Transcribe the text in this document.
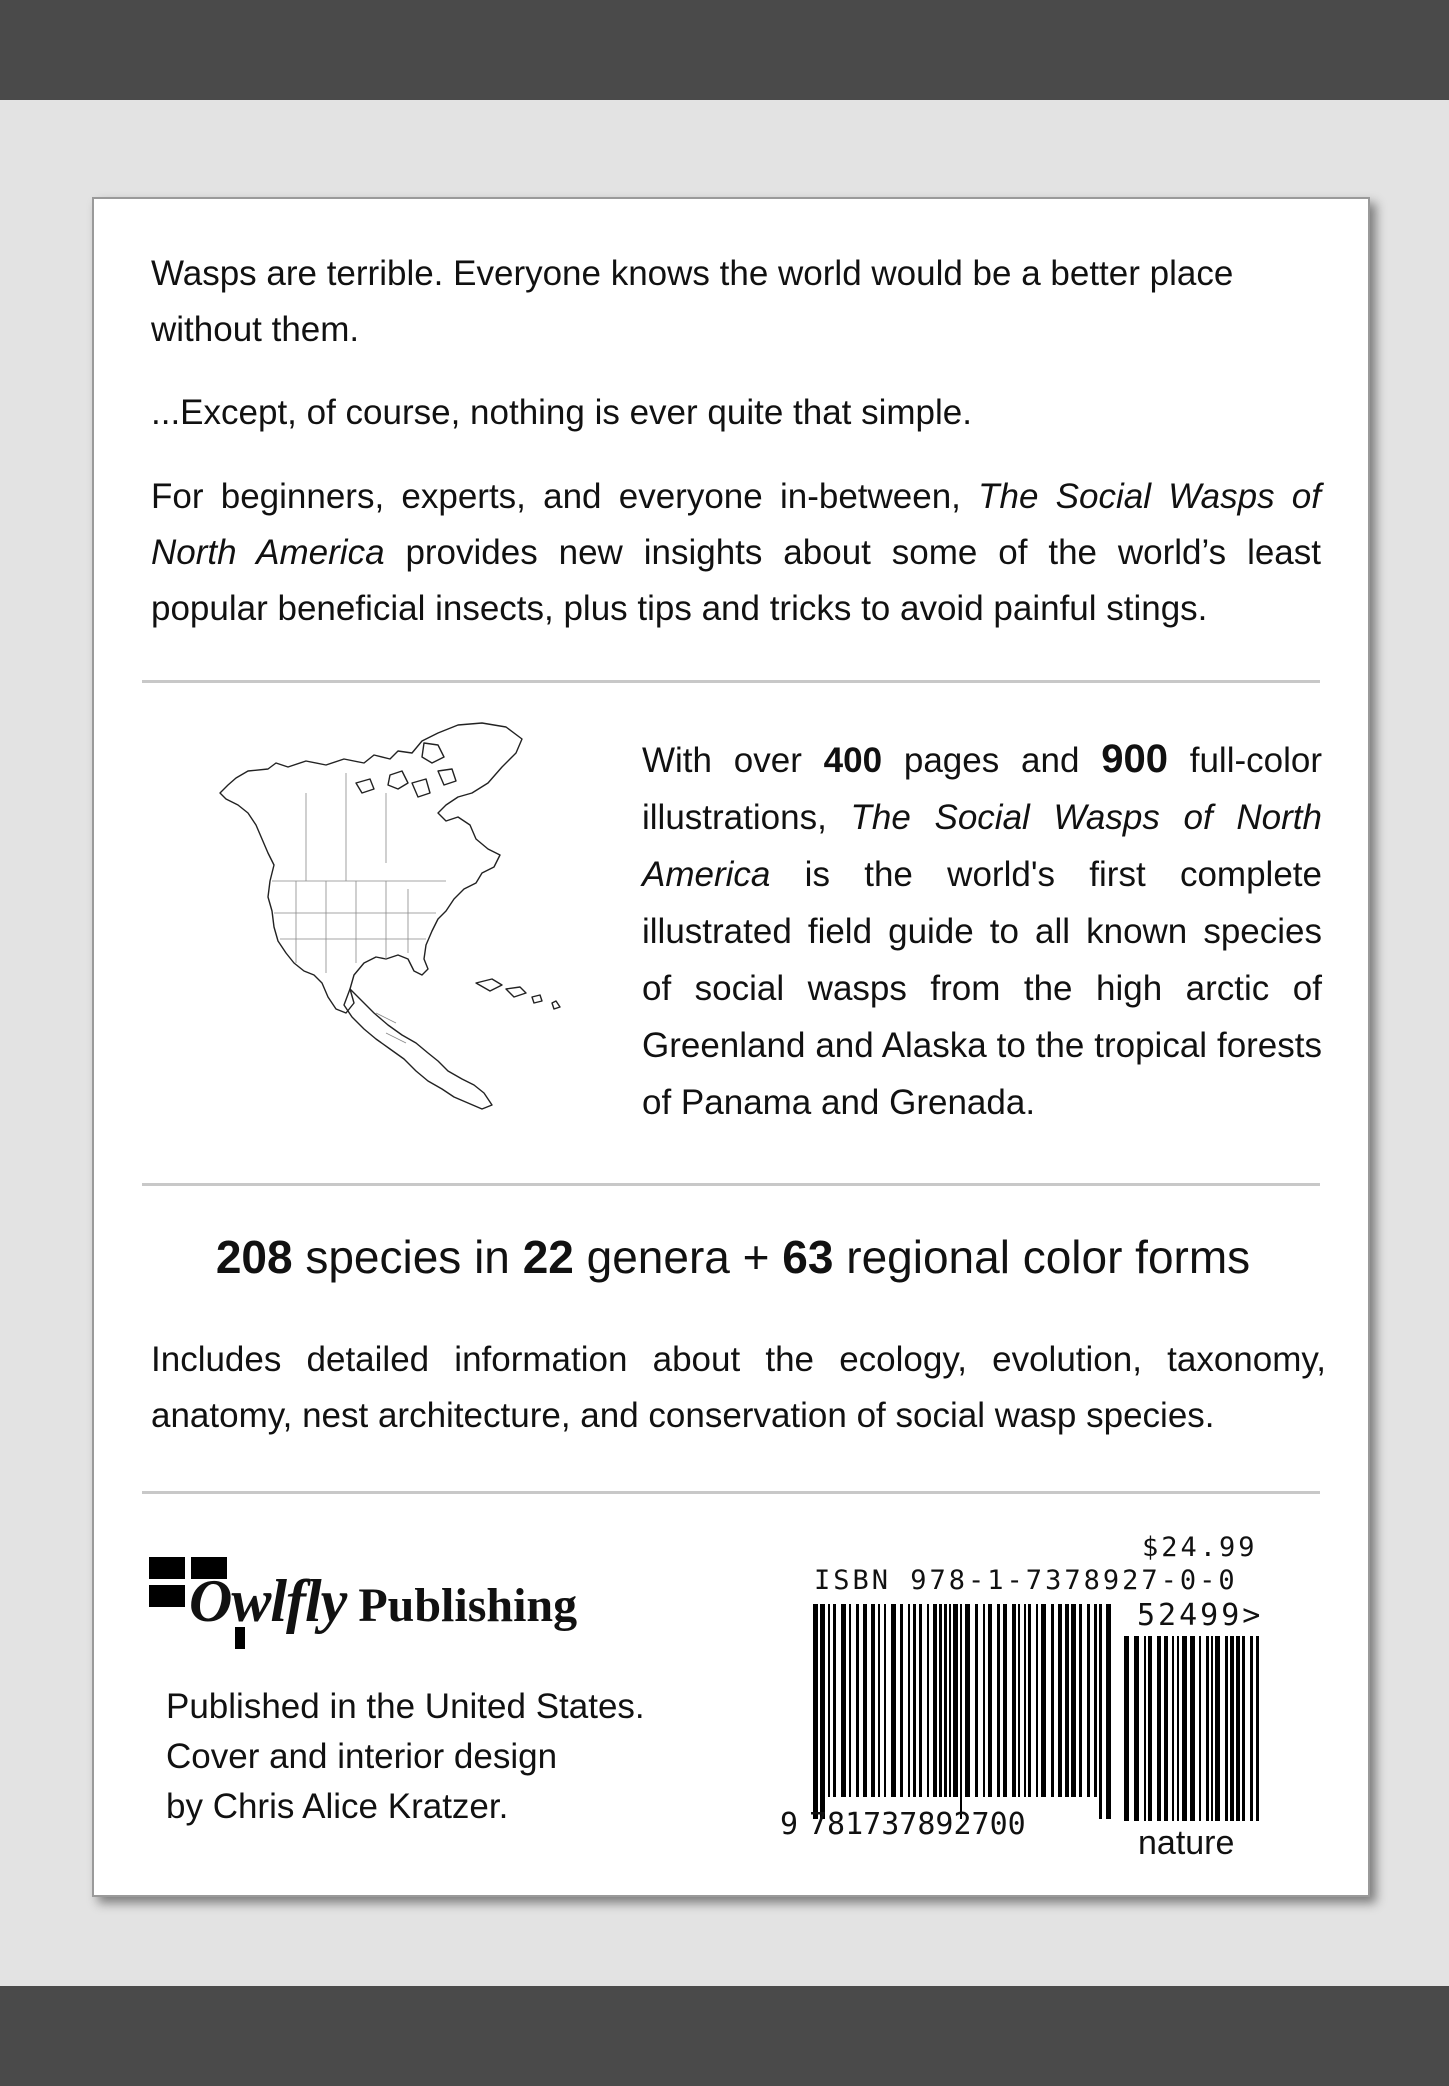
Wasps are terrible. Everyone knows the world would be a better place without them.
...Except, of course, nothing is ever quite that simple.
For beginners, experts, and everyone in-between, The Social Wasps of North America provides new insights about some of the world’s least popular beneficial insects, plus tips and tricks to avoid painful stings.
With over 400 pages and 900 full-color illustrations, The Social Wasps of North America is the world's first complete illustrated field guide to all known species of social wasps from the high arctic of Greenland and Alaska to the tropical forests of Panama and Grenada.
208 species in 22 genera + 63 regional color forms
Includes detailed information about the ecology, evolution, taxonomy, anatomy, nest architecture, and conservation of social wasp species.
Owlfly Publishing
Published in the United States.
Cover and interior design
by Chris Alice Kratzer.
$24.99
ISBN 978-1-7378927-0-0
52499>
9 781737892700	nature
